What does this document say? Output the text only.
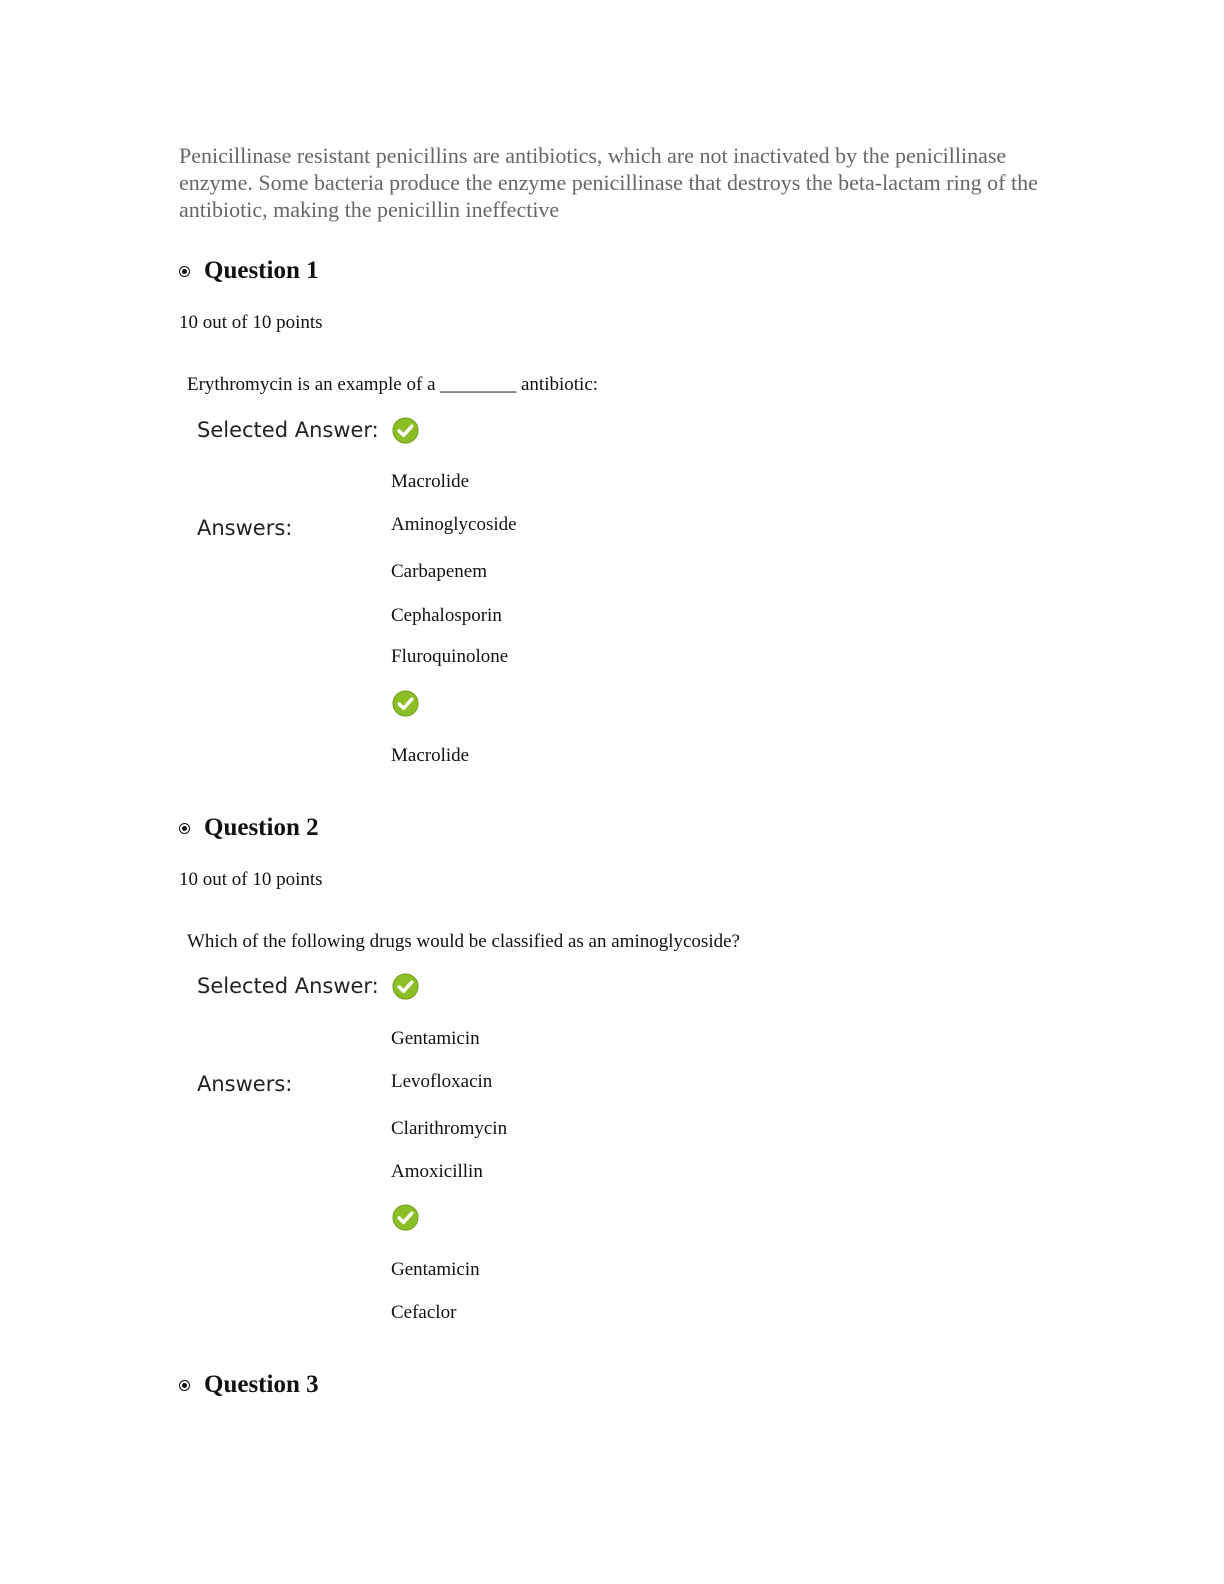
Penicillinase resistant penicillins are antibiotics, which are not inactivated by the penicillinase enzyme. Some bacteria produce the enzyme penicillinase that destroys the beta-lactam ring of the antibiotic, making the penicillin ineffective
Question 1
10 out of 10 points
Erythromycin is an example of a ________ antibiotic:
Selected Answer:
Macrolide
Answers:	Aminoglycoside
Carbapenem
Cephalosporin
Fluroquinolone
Macrolide
Question 2
10 out of 10 points
Which of the following drugs would be classified as an aminoglycoside?
Selected Answer:
Gentamicin
Answers:	Levofloxacin
Clarithromycin
Amoxicillin
Gentamicin
Cefaclor
Question 3
